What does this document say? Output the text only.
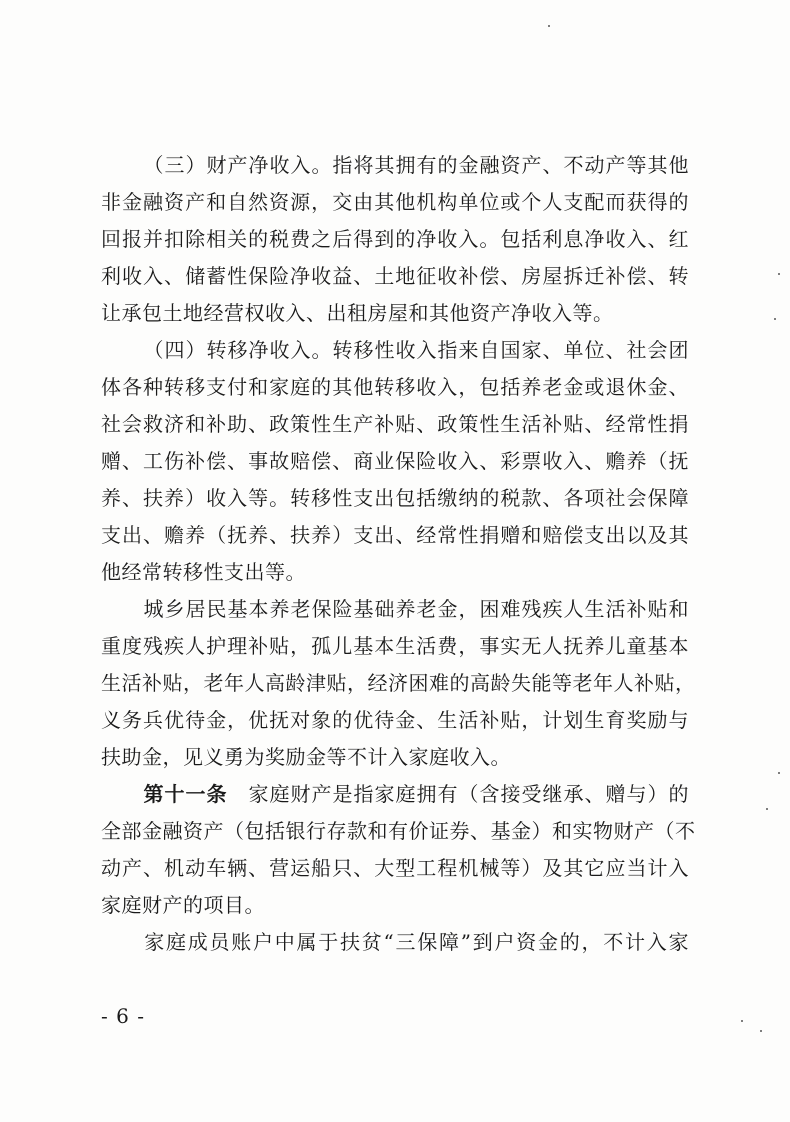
（三）财产净收入。指将其拥有的金融资产、不动产等其他
非金融资产和自然资源，交由其他机构单位或个人支配而获得的
回报并扣除相关的税费之后得到的净收入。包括利息净收入、红
利收入、储蓄性保险净收益、土地征收补偿、房屋拆迁补偿、转
让承包土地经营权收入、出租房屋和其他资产净收入等。
（四）转移净收入。转移性收入指来自国家、单位、社会团
体各种转移支付和家庭的其他转移收入，包括养老金或退休金、
社会救济和补助、政策性生产补贴、政策性生活补贴、经常性捐
赠、工伤补偿、事故赔偿、商业保险收入、彩票收入、赡养（抚
养、扶养）收入等。转移性支出包括缴纳的税款、各项社会保障
支出、赡养（抚养、扶养）支出、经常性捐赠和赔偿支出以及其
他经常转移性支出等。
城乡居民基本养老保险基础养老金，困难残疾人生活补贴和
重度残疾人护理补贴，孤儿基本生活费，事实无人抚养儿童基本
生活补贴，老年人高龄津贴，经济困难的高龄失能等老年人补贴，
义务兵优待金，优抚对象的优待金、生活补贴，计划生育奖励与
扶助金，见义勇为奖励金等不计入家庭收入。
第十一条　 家庭财产是指家庭拥有（含接受继承、赠与）的
全部金融资产（包括银行存款和有价证券、基金）和实物财产（不
动产、机动车辆、营运船只、大型工程机械等）及其它应当计入
家庭财产的项目。
家庭成员账户中属于扶贫“三保障”到户资金的，不计入家
- 6 -
